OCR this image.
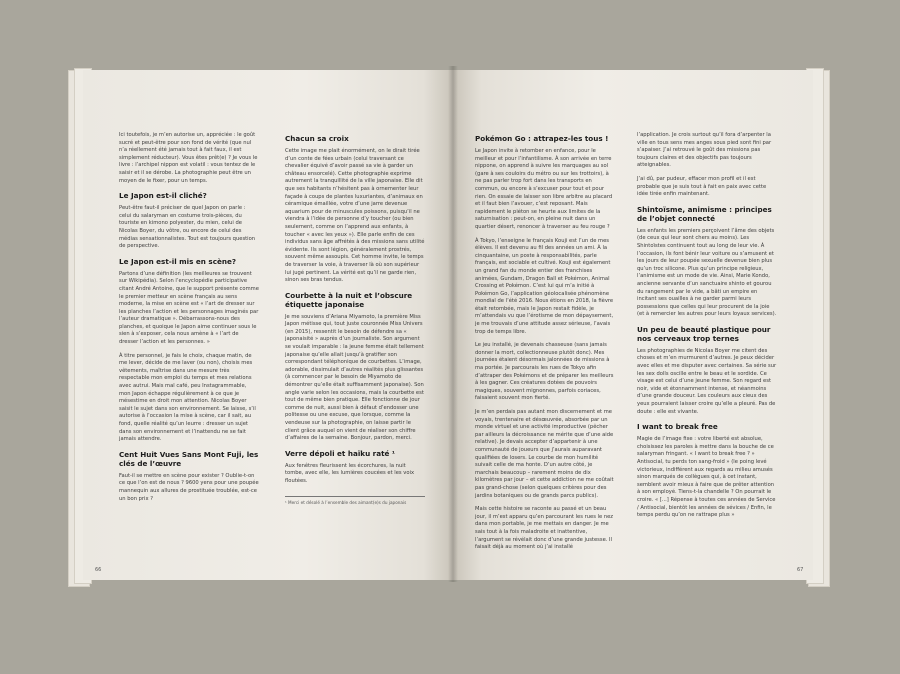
Ici toutefois, je m’en autorise un, appréciée : le goût sucré et peut-être pour son fond de vérité (que nul n’a réellement été jamais tout à fait faux, il est simplement réducteur). Vous êtes prêt(e) ? Je vous le livre : l’archipel nippon est volatil : vous tentez de le saisir et il se dérobe. La photographie peut être un moyen de le fixer, pour un temps.

Le Japon est-il cliché?

Peut-être faut-il préciser de quel Japon on parle : celui du salaryman en costume trois-pièces, du touriste en kimono polyester, du mien, celui de Nicolas Boyer, du vôtre, ou encore de celui des médias sensationnalistes. Tout est toujours question de perspective.

Le Japon est-il mis en scène?

Partons d’une définition (les meilleures se trouvent sur Wikipédia). Selon l’encyclopédie participative citant André Antoine, que le support présente comme le premier metteur en scène français au sens moderne, la mise en scène est « l’art de dresser sur les planches l’action et les personnages imaginés par l’auteur dramatique ». Débarrassons-nous des planches, et quoique le Japon aime continuer sous le sien à s’exposer, cela nous amène à « l’art de dresser l’action et les personnes. »

À titre personnel, je fais le choix, chaque matin, de me lever, décide de me laver (ou non), choisis mes vêtements, maîtrise dans une mesure très respectable mon emploi du temps et mes relations avec autrui. Mais mal café, peu Instagrammable, mon Japon échappe régulièrement à ce que je mésestime en droit mon attention. Nicolas Boyer saisit le sujet dans son environnement. Se laisse, s’il autorise à l’occasion la mise à scène, car il sait, au fond, quelle réalité qu’un leurre : dresser un sujet dans son environnement et l’inattendu ne se fait jamais attendre.

Cent Huit Vues Sans Mont Fuji, les clés de l’œuvre

Faut-il se mettre en scène pour exister ? Oublie-t-on ce que l’on est de nous ? 9600 yens pour une poupée mannequin aux allures de prostituée troublée, est-ce un bon prix ?

Chacun sa croix

Cette image me plait énormément, on le dirait tirée d’un conte de fées urbain (celui traversant ce chevalier équivé d’avoir passé sa vie à garder un château ensorcelé). Cette photographie exprime autrement la tranquillité de la ville japonaise. Elle dit que ses habitants n’hésitent pas à ornementer leur façade à coups de plantes luxuriantes, d’animaux en céramique émaillée, votre d’une jarre devenue aquarium pour de minuscules poissons, puisqu’il ne viendra à l’idée de personne d’y toucher (ou bien seulement, comme on l’apprend aux enfants, à toucher « avec les yeux »). Elle parle enfin de ces individus sans âge affrétés à des missions sans utilité évidente. Ils sont légion, généralement prostrés, souvent même assoupis. Cet homme invite, le temps de traverser la voie, à traverser là où son supérieur lui jugé pertinent. La vérité est qu’il ne garde rien, sinon ses bras tendus.

Courbette à la nuit et l’obscure étiquette japonaise

Je me souviens d’Ariana Miyamoto, la première Miss Japon métisse qui, tout juste couronnée Miss Univers (en 2015), ressentit le besoin de défendre sa « japonaisité » auprès d’un journaliste. Son argument se voulait imparable : la jeune femme était tellement japonaise qu’elle allait jusqu’à gratifier son correspondant téléphonique de courbettes. L’image, adorable, dissimulait d’autres réalités plus glissantes (à commencer par le besoin de Miyamoto de démontrer qu’elle était suffisamment japonaise). Son angle varie selon les occasions, mais la courbette est tout de même bien pratique. Elle fonctionne de jour comme de nuit, aussi bien à défaut d’endosser une politesse ou une excuse, que lorsque, comme la vendeuse sur la photographie, on laisse partir le client grâce auquel on vient de réaliser son chiffre d’affaires de la semaine. Bonjour, pardon, merci.

Verre dépoli et haïku raté ¹

Aux fenêtres fleurissent les écorchures, la nuit tombe, avec elle, les lumières coucées et les voix floutées.

¹ Merci et désolé à l’ensemble des aimant(e)s du japonais

66
Pokémon Go : attrapez-les tous !

Le Japon invite à retomber en enfance, pour le meilleur et pour l’infantilisme. À son arrivée en terre nippone, on apprend à suivre les marquages au sol (gare à ses couloirs du métro ou sur les trottoirs), à ne pas parler trop fort dans les transports en commun, ou encore à s’excuser pour tout et pour rien. On essaie de laisser son libre arbitre au placard et il faut bien l’avouer, c’est reposant. Mais rapidement le piéton se heurte aux limites de la saturnisation : peut-on, en pleine nuit dans un quartier désert, renoncer à traverser au feu rouge ?

À Tokyo, l’enseigne le français Kouji est l’un de mes élèves. Il est devenu au fil des années un ami. À la cinquantaine, un poste à responsabilités, parle français, est sociable et cultivé. Kouji est également un grand fan du monde entier des franchises animées, Gundam, Dragon Ball et Pokémon, Animal Crossing et Pokémon. C’est lui qui m’a initié à Pokémon Go, l’application géolocalisée phénomène mondial de l’été 2016. Nous étions en 2018, la fièvre était retombée, mais le Japon restait fidèle, je m’attendais vu que l’érotisme de mon dépaysement, je me trouvais d’une attitude assez sérieuse, l’avais trop de temps libre.

Le jeu installé, je devenais chasseuse (sans jamais donner la mort, collectionneuse plutôt donc). Mes journées étaient désormais jalonnées de missions à ma portée. Je parcourais les rues de Tokyo afin d’attraper des Pokémons et de préparer les meilleurs à les gagner. Ces créatures dotées de pouvoirs magiques, souvent mignonnes, parfois coriaces, faisaient souvent mon fierté.

Je m’en perdais pas autant mon discernement et me voyais, trentenaire et désœuvrée, absorbée par un monde virtuel et une activité improductive (pêcher par ailleurs la décroissance ne mérite que d’une aide relative). Je devais accepter d’appartenir à une communauté de joueurs que j’aurais auparavant qualifiées de losers. Le courbe de mon humilité suivait celle de ma honte. D’un autre côté, je marchais beaucoup – rarement moins de dix kilomètres par jour – et cette addiction ne me coûtait pas grand-chose (selon quelques critères pour des jardins botaniques ou de grands parcs publics).

Mais cette histoire se raconte au passé et un beau jour, il m’est apparu qu’en parcourant les rues le nez dans mon portable, je me mettais en danger. Je me sais tout à la fois maladroite et inattentive, l’argument se révélait donc d’une grande justesse. Il faisait déjà au moment où j’ai installé

l’application. Je crois surtout qu’il fora d’arpenter la ville en tous sens mes anges sous pied sont fini par s’apaiser. J’ai retrouvé le goût des missions pas toujours claires et des objectifs pas toujours atteignables.

J’ai dû, par pudeur, effacer mon profil et il est probable que je suis tout à fait en paix avec cette idée tirée enfin maintenant.

Shintoïsme, animisme : principes de l’objet connecté

Les enfants les premiers perçoivent l’âme des objets (de ceux qui leur sont chers au moins). Les Shintoïstes continuent tout au long de leur vie. À l’occasion, ils font bénir leur voiture ou s’amusent et les jours de leur poupée sexuelle devenue bien plus qu’un troc silicone. Plus qu’un principe religieux, l’animisme est un mode de vie. Ainsi, Marie Kondo, ancienne servante d’un sanctuaire shinto et gourou du rangement par le vide, a bâti un empire en incitant ses ouailles à ne garder parmi leurs possessions que celles qui leur procurent de la joie (et à remercier les autres pour leurs loyaux services).

Un peu de beauté plastique pour nos cerveaux trop ternes

Les photographies de Nicolas Boyer me citent des choses et m’en murmurent d’autres. Je peux décider avec elles et me disputer avec certaines. Sa série sur les sex dolls oscille entre le beau et le sordide. Ce visage est celui d’une jeune femme. Son regard est noir, vide et étonnamment intense, et néanmoins d’une grande douceur. Les couleurs aux cieux des yeux pourraient laisser croire qu’elle a pleuré. Pas de doute : elle est vivante.

I want to break free

Magie de l’image fixe : votre liberté est absolue, choisissez les paroles à mettre dans la bouche de ce salaryman fringant. « I want to break free ? » Antisocial, tu perds ton sang-froid » (le poing levé victorieux, indifférent aux regards au milieu amusés sinon marqués de collègues qui, à cet instant, semblent avoir mieux à faire que de prêter attention à son employé. Tiens-t-la chandelle ? On pourrait le croire. « [...] Répense à toutes ces années de Service / Antisocial, bientôt les années de sévices / Enfin, le temps perdu qu’on ne rattrape plus »

67
